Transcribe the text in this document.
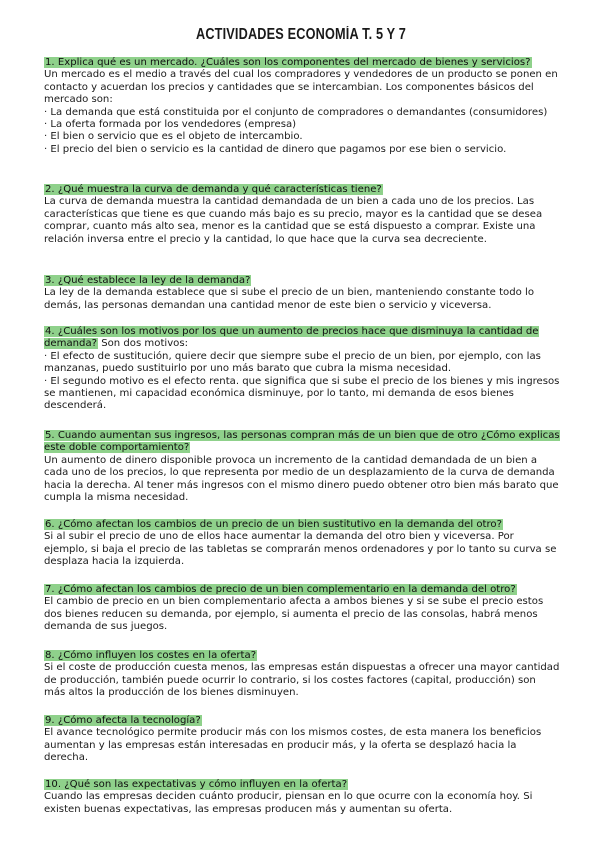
ACTIVIDADES ECONOMÍA T. 5 Y 7
1. Explica qué es un mercado. ¿Cuáles son los componentes del mercado de bienes y servicios?

Un mercado es el medio a través del cual los compradores y vendedores de un producto se ponen en contacto y acuerdan los precios y cantidades que se intercambian. Los componentes básicos del mercado son:

· La demanda que está constituida por el conjunto de compradores o demandantes (consumidores)

· La oferta formada por los vendedores (empresa)

· El bien o servicio que es el objeto de intercambio.

· El precio del bien o servicio es la cantidad de dinero que pagamos por ese bien o servicio.

2. ¿Qué muestra la curva de demanda y qué características tiene?

La curva de demanda muestra la cantidad demandada de un bien a cada uno de los precios. Las características que tiene es que cuando más bajo es su precio, mayor es la cantidad que se desea comprar, cuanto más alto sea, menor es la cantidad que se está dispuesto a comprar. Existe una relación inversa entre el precio y la cantidad, lo que hace que la curva sea decreciente.

3. ¿Qué establece la ley de la demanda?

La ley de la demanda establece que si sube el precio de un bien, manteniendo constante todo lo demás, las personas demandan una cantidad menor de este bien o servicio y viceversa.

4. ¿Cuáles son los motivos por los que un aumento de precios hace que disminuya la cantidad de demanda? Son dos motivos:

· El efecto de sustitución, quiere decir que siempre sube el precio de un bien, por ejemplo, con las manzanas, puedo sustituirlo por uno más barato que cubra la misma necesidad.

· El segundo motivo es el efecto renta. que significa que si sube el precio de los bienes y mis ingresos se mantienen, mi capacidad económica disminuye, por lo tanto, mi demanda de esos bienes descenderá.

5. Cuando aumentan sus ingresos, las personas compran más de un bien que de otro ¿Cómo explicas este doble comportamiento?

Un aumento de dinero disponible provoca un incremento de la cantidad demandada de un bien a cada uno de los precios, lo que representa por medio de un desplazamiento de la curva de demanda hacia la derecha. Al tener más ingresos con el mismo dinero puedo obtener otro bien más barato que cumpla la misma necesidad.

6. ¿Cómo afectan los cambios de un precio de un bien sustitutivo en la demanda del otro?

Si al subir el precio de uno de ellos hace aumentar la demanda del otro bien y viceversa. Por ejemplo, si baja el precio de las tabletas se comprarán menos ordenadores y por lo tanto su curva se desplaza hacia la izquierda.

7. ¿Cómo afectan los cambios de precio de un bien complementario en la demanda del otro?

El cambio de precio en un bien complementario afecta a ambos bienes y si se sube el precio estos dos bienes reducen su demanda, por ejemplo, si aumenta el precio de las consolas, habrá menos demanda de sus juegos.

8. ¿Cómo influyen los costes en la oferta?

Si el coste de producción cuesta menos, las empresas están dispuestas a ofrecer una mayor cantidad de producción, también puede ocurrir lo contrario, si los costes factores (capital, producción) son más altos la producción de los bienes disminuyen.

9. ¿Cómo afecta la tecnología?

El avance tecnológico permite producir más con los mismos costes, de esta manera los beneficios aumentan y las empresas están interesadas en producir más, y la oferta se desplazó hacia la derecha.

10. ¿Qué son las expectativas y cómo influyen en la oferta?

Cuando las empresas deciden cuánto producir, piensan en lo que ocurre con la economía hoy. Si existen buenas expectativas, las empresas producen más y aumentan su oferta.
